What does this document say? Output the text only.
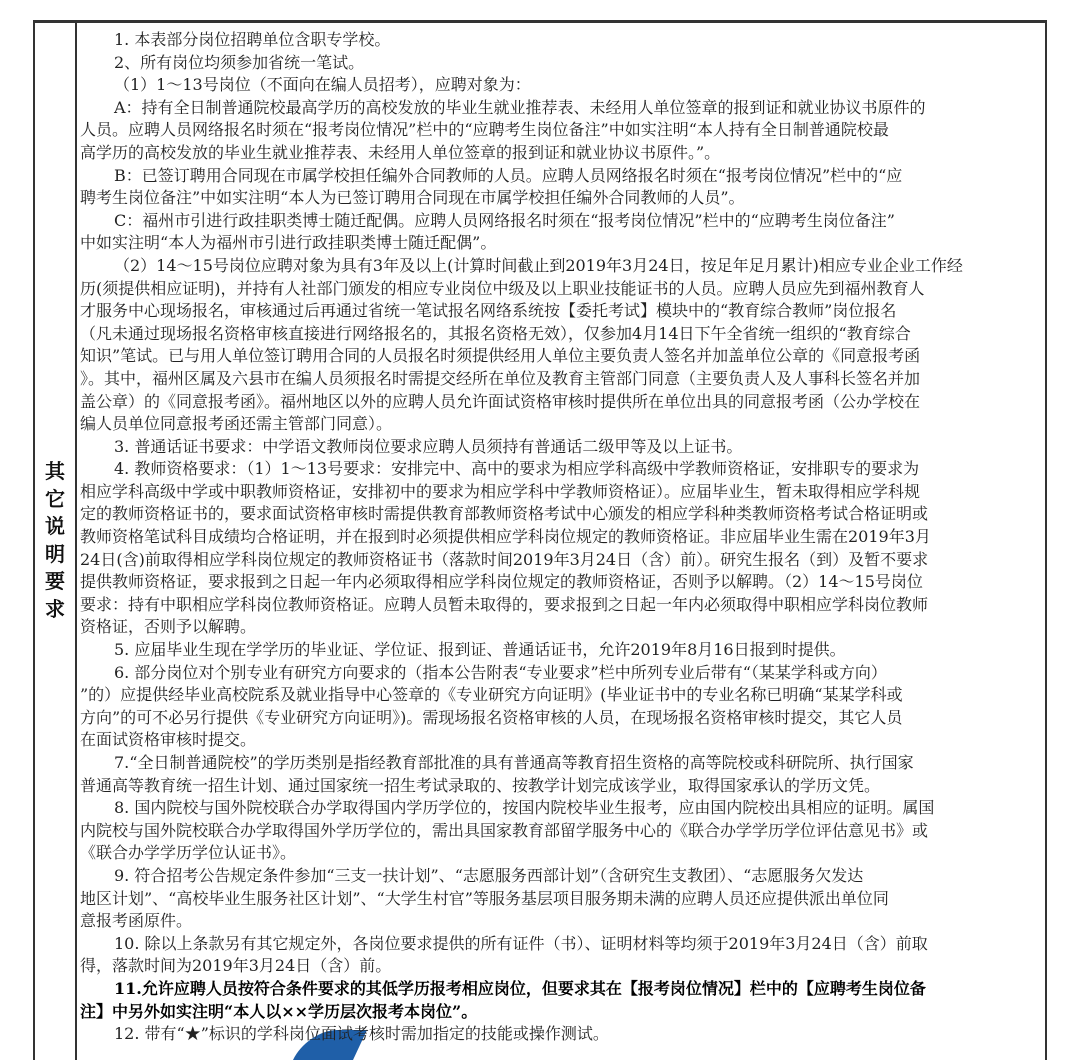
其
它
说
明
要
求
1. 本表部分岗位招聘单位含职专学校。
2、所有岗位均须参加省统一笔试。
（1）1～13号岗位（不面向在编人员招考），应聘对象为：
A：持有全日制普通院校最高学历的高校发放的毕业生就业推荐表、未经用人单位签章的报到证和就业协议书原件的
人员。应聘人员网络报名时须在“报考岗位情况”栏中的“应聘考生岗位备注”中如实注明“本人持有全日制普通院校最
高学历的高校发放的毕业生就业推荐表、未经用人单位签章的报到证和就业协议书原件。”。
B：已签订聘用合同现在市属学校担任编外合同教师的人员。应聘人员网络报名时须在“报考岗位情况”栏中的“应
聘考生岗位备注”中如实注明“本人为已签订聘用合同现在市属学校担任编外合同教师的人员”。
C：福州市引进行政挂职类博士随迁配偶。应聘人员网络报名时须在“报考岗位情况”栏中的“应聘考生岗位备注”
中如实注明“本人为福州市引进行政挂职类博士随迁配偶”。
（2）14～15号岗位应聘对象为具有3年及以上(计算时间截止到2019年3月24日，按足年足月累计)相应专业企业工作经
历(须提供相应证明)，并持有人社部门颁发的相应专业岗位中级及以上职业技能证书的人员。应聘人员应先到福州教育人
才服务中心现场报名，审核通过后再通过省统一笔试报名网络系统按【委托考试】模块中的“教育综合教师”岗位报名
（凡未通过现场报名资格审核直接进行网络报名的，其报名资格无效），仅参加4月14日下午全省统一组织的“教育综合
知识”笔试。已与用人单位签订聘用合同的人员报名时须提供经用人单位主要负责人签名并加盖单位公章的《同意报考函
》。其中，福州区属及六县市在编人员须报名时需提交经所在单位及教育主管部门同意（主要负责人及人事科长签名并加
盖公章）的《同意报考函》。福州地区以外的应聘人员允许面试资格审核时提供所在单位出具的同意报考函（公办学校在
编人员单位同意报考函还需主管部门同意）。
3. 普通话证书要求：中学语文教师岗位要求应聘人员须持有普通话二级甲等及以上证书。
4. 教师资格要求：（1）1～13号要求：安排完中、高中的要求为相应学科高级中学教师资格证，安排职专的要求为
相应学科高级中学或中职教师资格证，安排初中的要求为相应学科中学教师资格证）。应届毕业生，暂未取得相应学科规
定的教师资格证书的，要求面试资格审核时需提供教育部教师资格考试中心颁发的相应学科种类教师资格考试合格证明或
教师资格笔试科目成绩均合格证明，并在报到时必须提供相应学科岗位规定的教师资格证。非应届毕业生需在2019年3月
24日(含)前取得相应学科岗位规定的教师资格证书（落款时间2019年3月24日（含）前）。研究生报名（到）及暂不要求
提供教师资格证，要求报到之日起一年内必须取得相应学科岗位规定的教师资格证，否则予以解聘。（2）14～15号岗位
要求：持有中职相应学科岗位教师资格证。应聘人员暂未取得的，要求报到之日起一年内必须取得中职相应学科岗位教师
资格证，否则予以解聘。
5. 应届毕业生现在学学历的毕业证、学位证、报到证、普通话证书，允许2019年8月16日报到时提供。
6. 部分岗位对个别专业有研究方向要求的（指本公告附表“专业要求”栏中所列专业后带有“（某某学科或方向）
”的）应提供经毕业高校院系及就业指导中心签章的《专业研究方向证明》(毕业证书中的专业名称已明确“某某学科或
方向”的可不必另行提供《专业研究方向证明》)。需现场报名资格审核的人员，在现场报名资格审核时提交，其它人员
在面试资格审核时提交。
7.“全日制普通院校”的学历类别是指经教育部批准的具有普通高等教育招生资格的高等院校或科研院所、执行国家
普通高等教育统一招生计划、通过国家统一招生考试录取的、按教学计划完成该学业，取得国家承认的学历文凭。
8. 国内院校与国外院校联合办学取得国内学历学位的，按国内院校毕业生报考，应由国内院校出具相应的证明。属国
内院校与国外院校联合办学取得国外学历学位的，需出具国家教育部留学服务中心的《联合办学学历学位评估意见书》或
《联合办学学历学位认证书》。
9. 符合招考公告规定条件参加“三支一扶计划”、“志愿服务西部计划”（含研究生支教团）、“志愿服务欠发达
地区计划”、“高校毕业生服务社区计划”、“大学生村官”等服务基层项目服务期未满的应聘人员还应提供派出单位同
意报考函原件。
10. 除以上条款另有其它规定外，各岗位要求提供的所有证件（书）、证明材料等均须于2019年3月24日（含）前取
得，落款时间为2019年3月24日（含）前。
11.允许应聘人员按符合条件要求的其低学历报考相应岗位，但要求其在【报考岗位情况】栏中的【应聘考生岗位备
注】中另外如实注明“本人以××学历层次报考本岗位”。
12. 带有“★”标识的学科岗位面试考核时需加指定的技能或操作测试。
